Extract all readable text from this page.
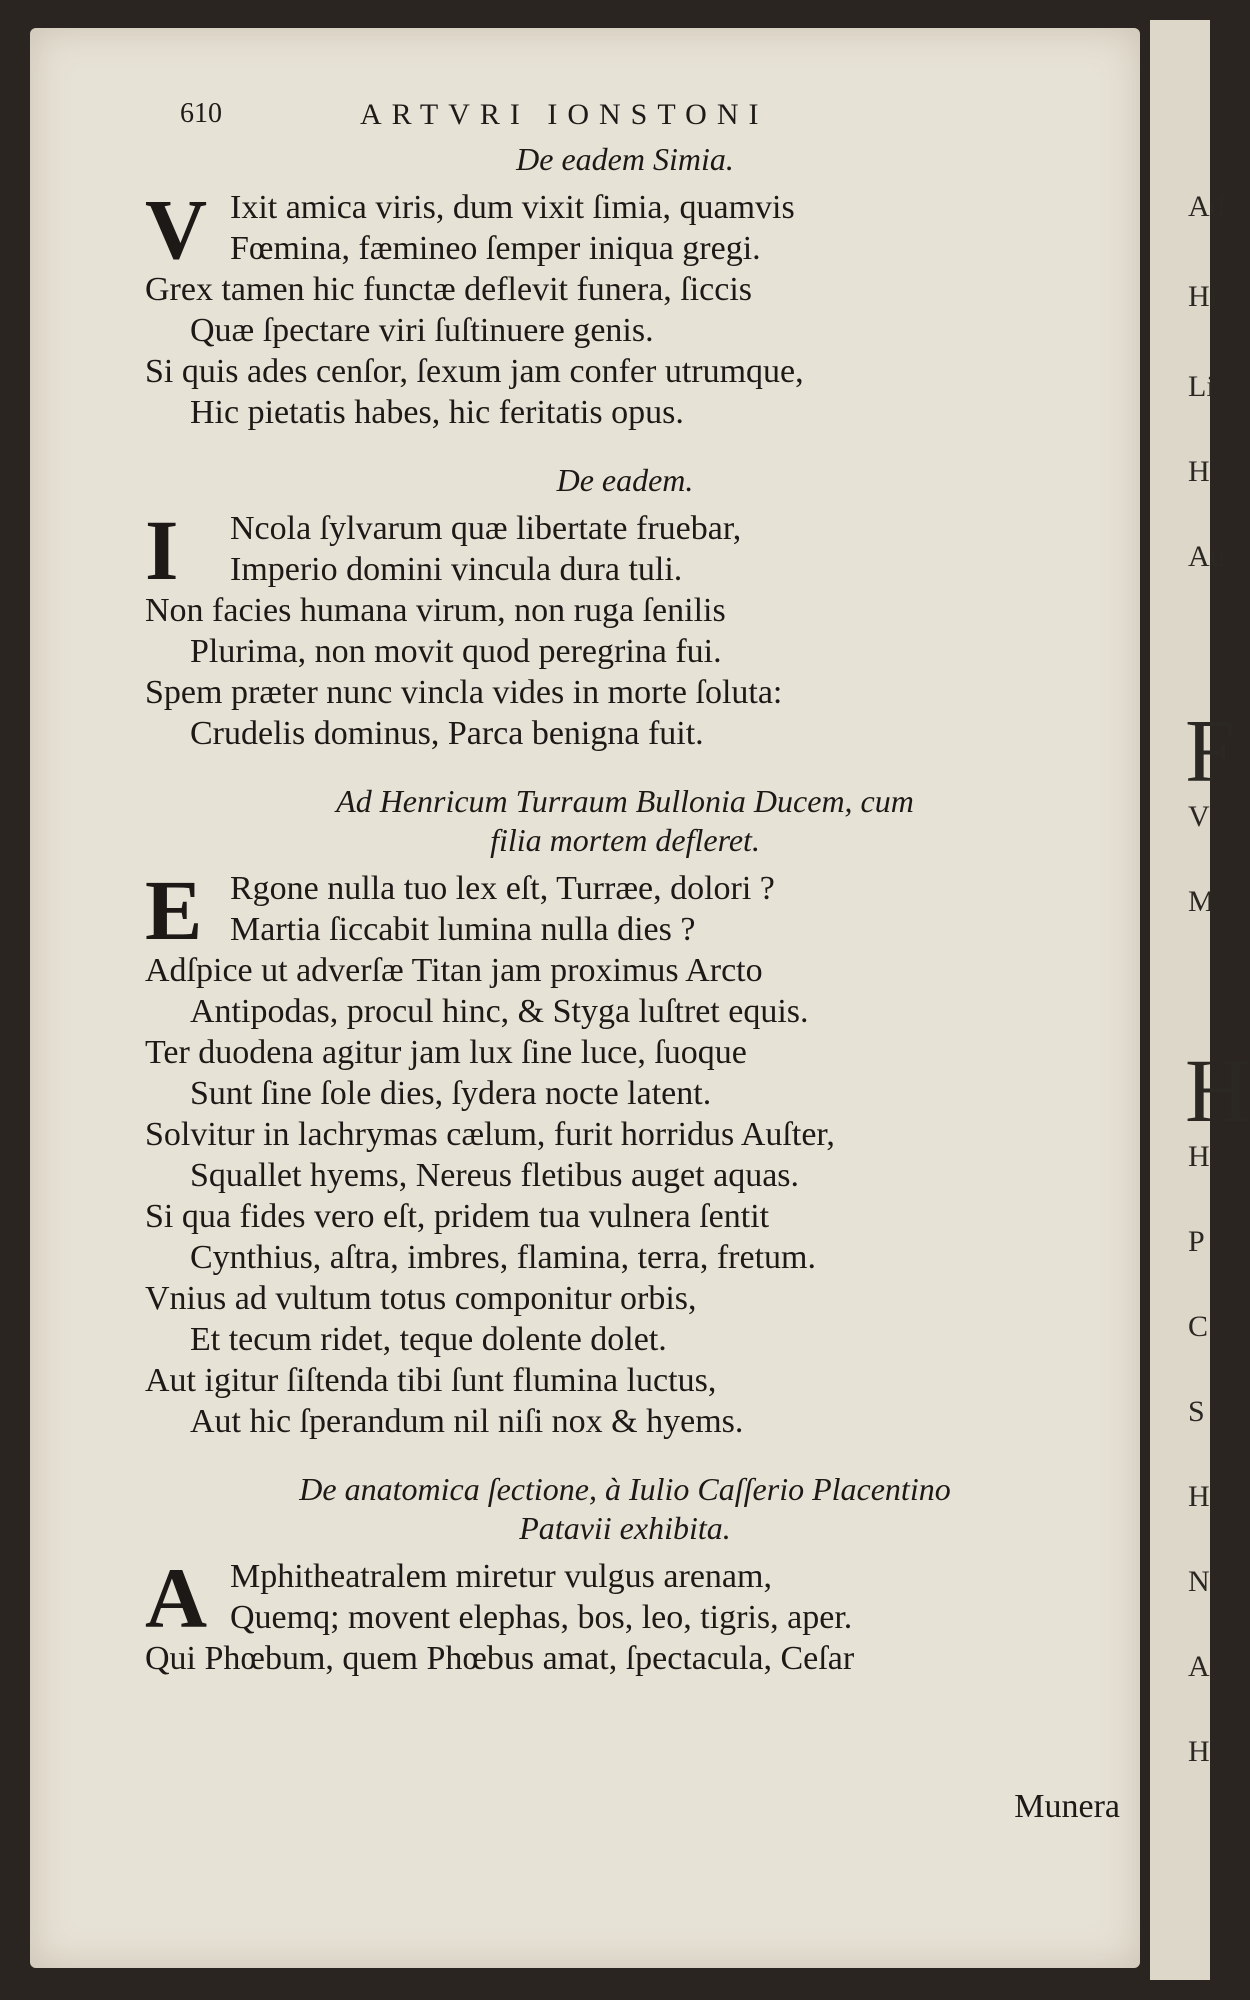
610	ARTVRI IONSTONI
Ad
Hi
Li
H
Au
F
V
M
H
H
P
C
S
H
N
A
H
De eadem Simia.
V Ixit amica viris, dum vixit ſimia, quamvis
Fœmina, fæmineo ſemper iniqua gregi.
Grex tamen hic functæ deflevit funera, ſiccis
Quæ ſpectare viri ſuſtinuere genis.
Si quis ades cenſor, ſexum jam confer utrumque,
Hic pietatis habes, hic feritatis opus.
De eadem.
I	Ncola ſylvarum quæ libertate fruebar,
Imperio domini vincula dura tuli.
Non facies humana virum, non ruga ſenilis
Plurima, non movit quod peregrina fui.
Spem præter nunc vincla vides in morte ſoluta:
Crudelis dominus, Parca benigna fuit.
Ad Henricum Turraum Bullonia Ducem, cum
filia mortem defleret.
E Rgone nulla tuo lex eſt, Turræe, dolori ?
Martia ſiccabit lumina nulla dies ?
Adſpice ut adverſæ Titan jam proximus Arcto
Antipodas, procul hinc, & Styga luſtret equis.
Ter duodena agitur jam lux ſine luce, ſuoque
Sunt ſine ſole dies, ſydera nocte latent.
Solvitur in lachrymas cælum, furit horridus Auſter,
Squallet hyems, Nereus fletibus auget aquas.
Si qua fides vero eſt, pridem tua vulnera ſentit
Cynthius, aſtra, imbres, flamina, terra, fretum.
Vnius ad vultum totus componitur orbis,
Et tecum ridet, teque dolente dolet.
Aut igitur ſiſtenda tibi ſunt flumina luctus,
Aut hic ſperandum nil niſi nox & hyems.
De anatomica ſectione, à Iulio Caſſerio Placentino
Patavii exhibita.
A Mphitheatralem miretur vulgus arenam,
Quemq; movent elephas, bos, leo, tigris, aper.
Qui Phœbum, quem Phœbus amat, ſpectacula, Ceſar
Munera
